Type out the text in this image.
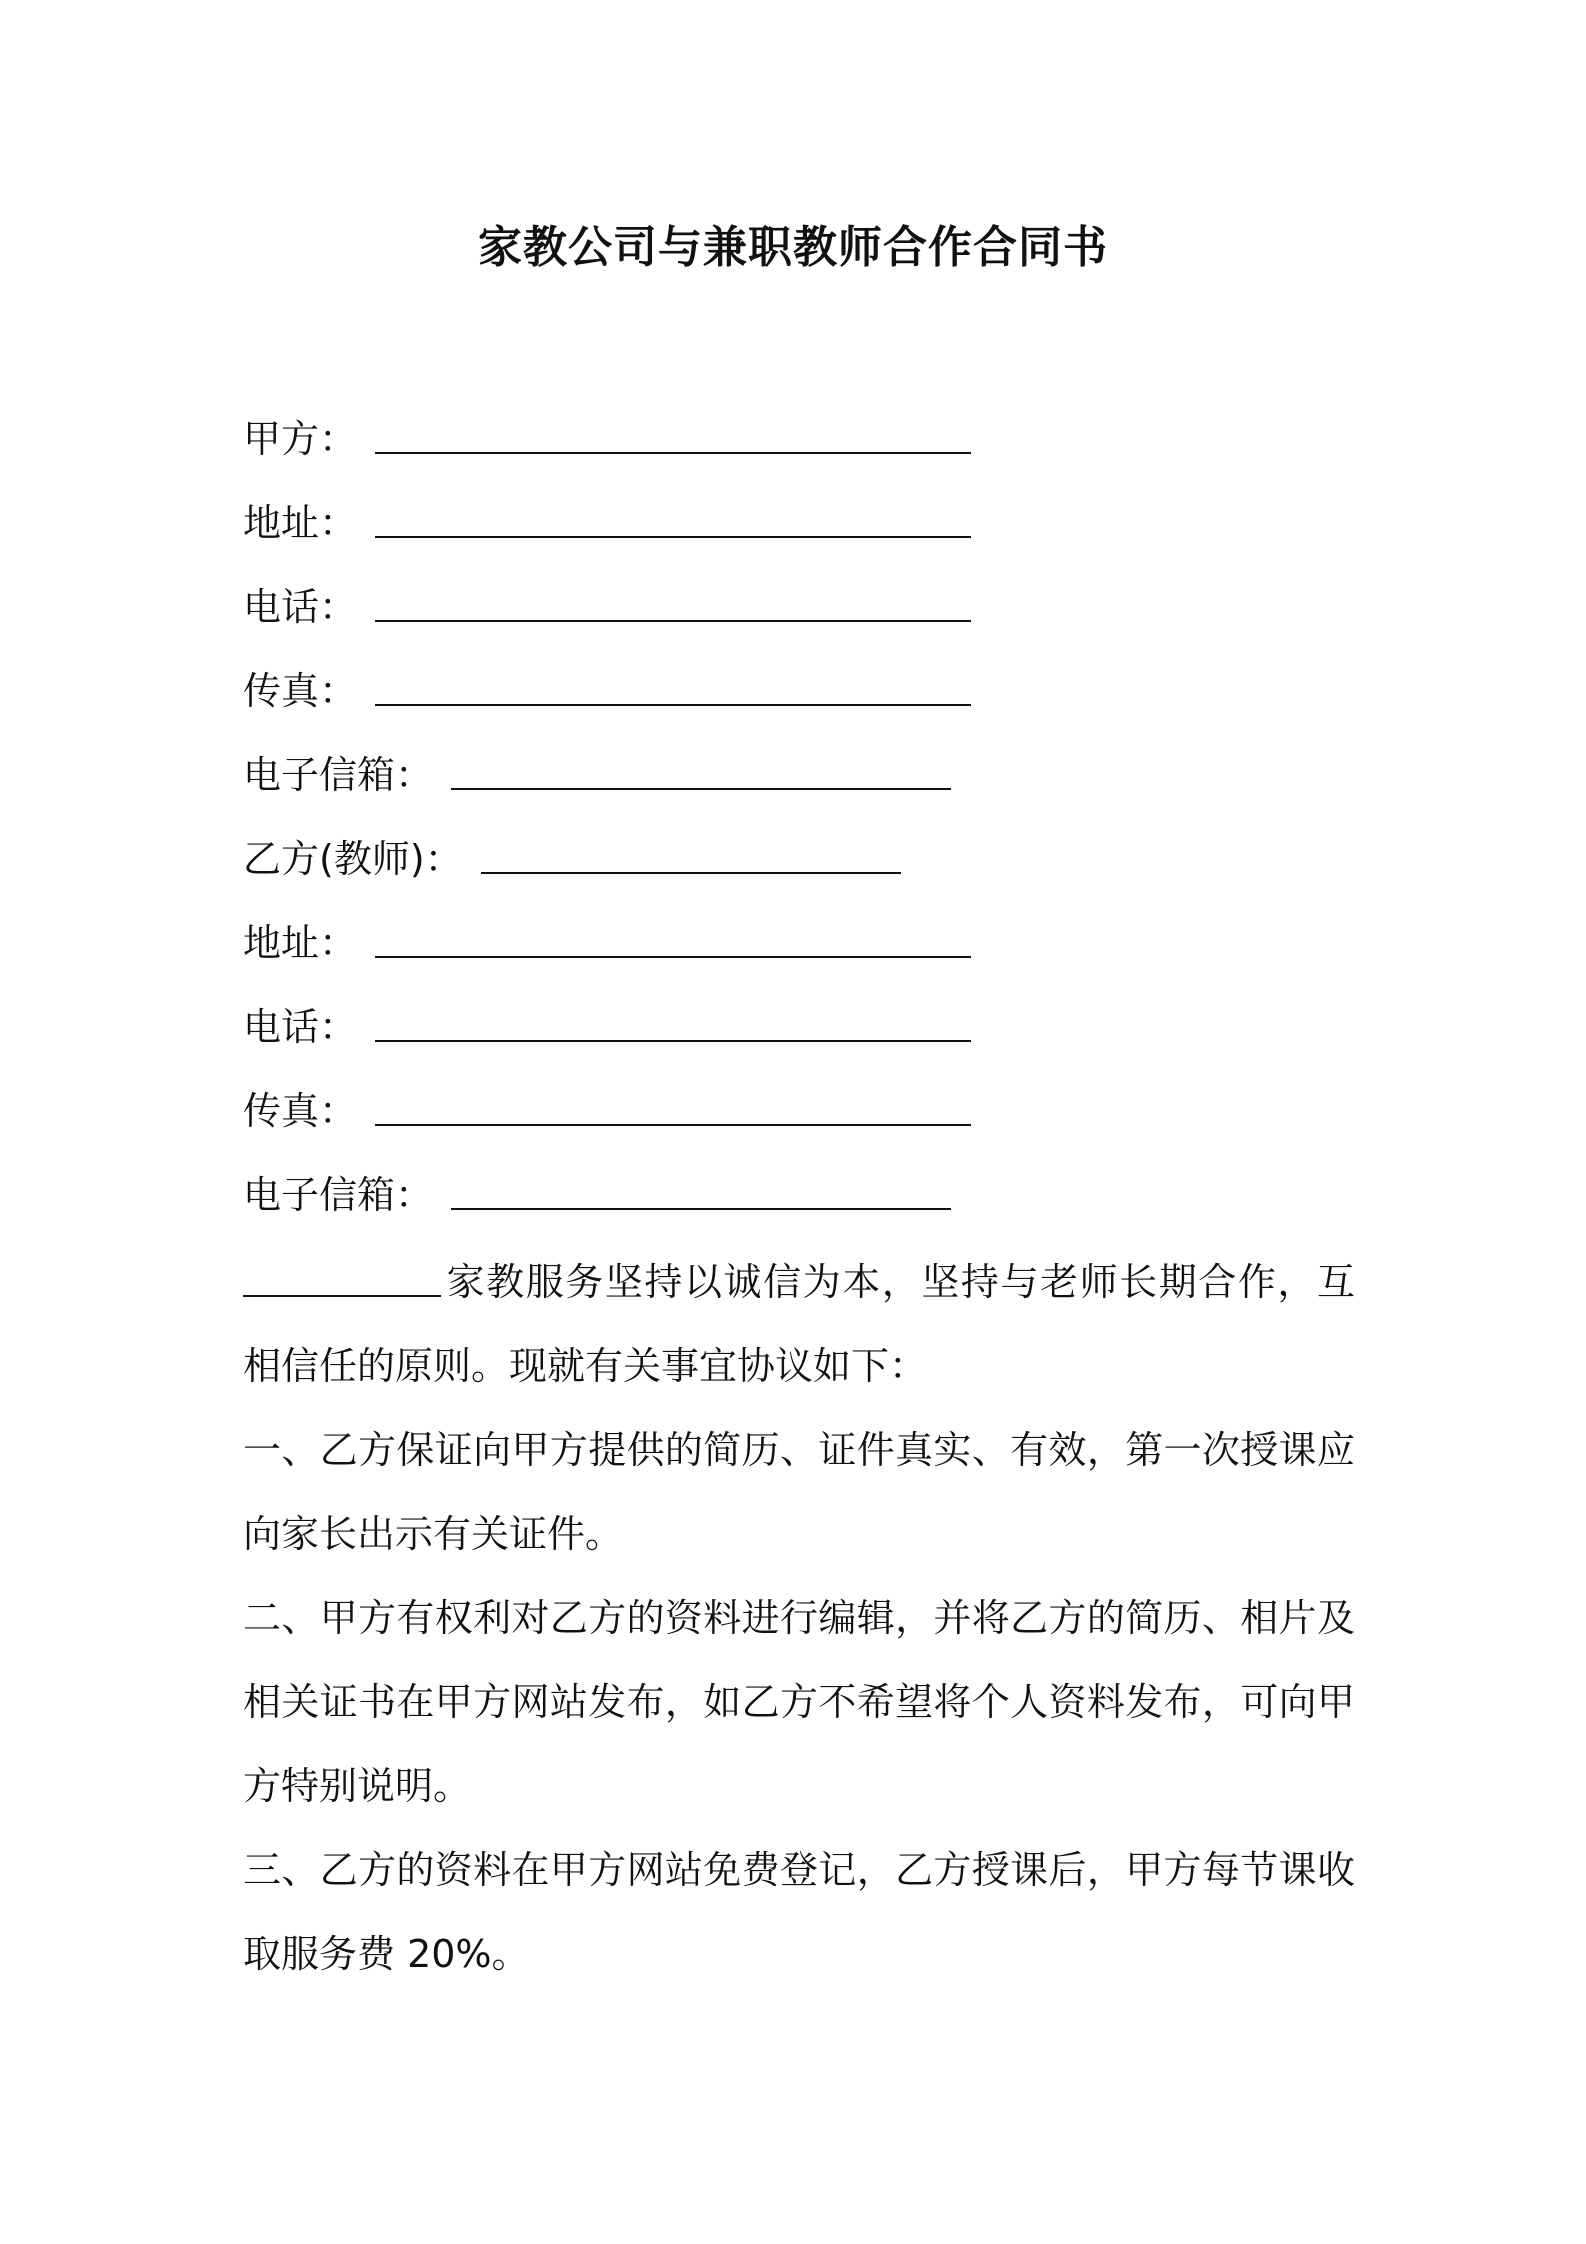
家教公司与兼职教师合作合同书
甲方：
地址：
电话：
传真：
电子信箱：
乙方(教师)：
地址：
电话：
传真：
电子信箱：

家教服务坚持以诚信为本，坚持与老师长期合作，互相信任的原则。现就有关事宜协议如下：

一、乙方保证向甲方提供的简历、证件真实、有效，第一次授课应向家长出示有关证件。

二、甲方有权利对乙方的资料进行编辑，并将乙方的简历、相片及相关证书在甲方网站发布，如乙方不希望将个人资料发布，可向甲方特别说明。

三、乙方的资料在甲方网站免费登记，乙方授课后，甲方每节课收取服务费 20%。
